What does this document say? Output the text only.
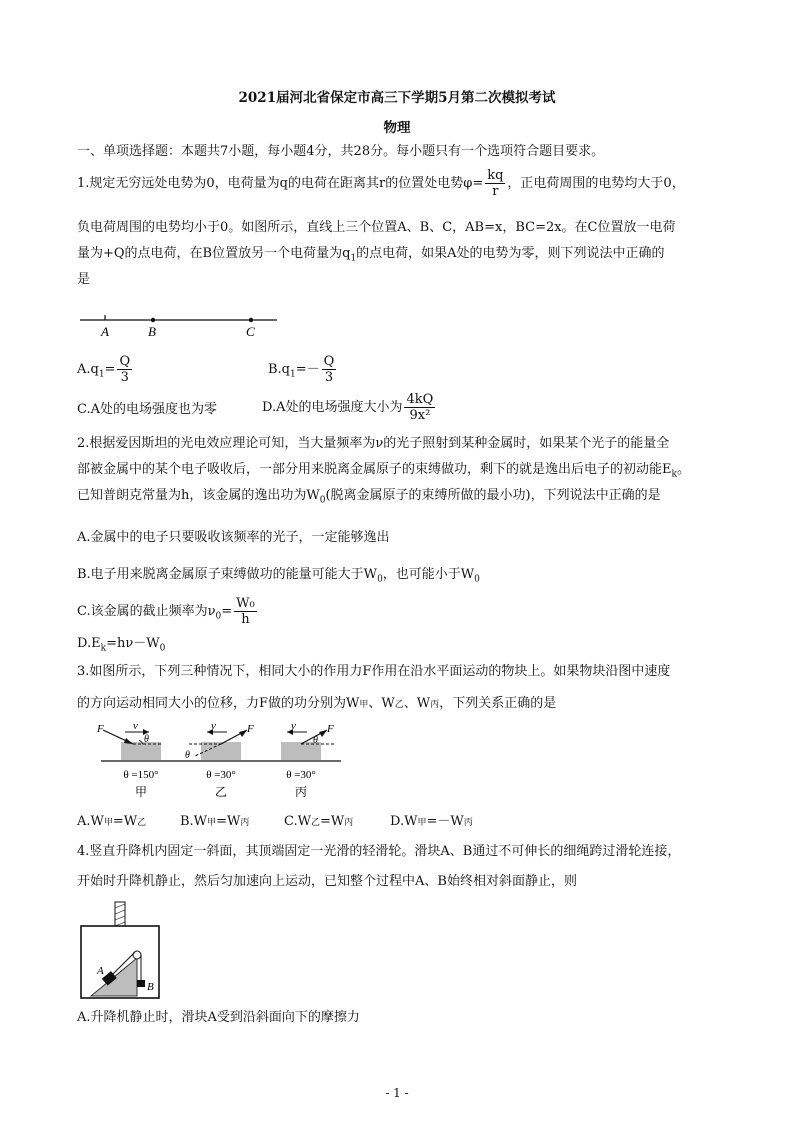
2021届河北省保定市高三下学期5月第二次模拟考试
物理
一、单项选择题：本题共7小题，每小题4分，共28分。每小题只有一个选项符合题目要求。
1.规定无穷远处电势为0，电荷量为q的电荷在距离其r的位置处电势$\varphi= \frac{kq}{r}$ ，正电荷周围的电势均大于0，
负电荷周围的电势均小于0。如图所示，直线上三个位置A、B、C，AB=x，BC=2x。在C位置放一电荷
量为+Q的点电荷，在B位置放另一个电荷量为$q_1$的点电荷，如果A处的电势为零，则下列说法中正确的
是
A	B	C
$A.q_1= \frac{Q}{3}$	$B.q_1=- \frac{Q}{3}$
C.A处的电场强度也为零	D.A处的电场强度大小为 $\frac{4kQ}{\text{9x²}}$
2.根据爱因斯坦的光电效应理论可知，当大量频率为ν的光子照射到某种金属时，如果某个光子的能量全
部被金属中的某个电子吸收后，一部分用来脱离金属原子的束缚做功，剩下的就是逸出后电子的初动能$E_k$。
已知普朗克常量为h，该金属的逸出功为$W_0$(脱离金属原子的束缚所做的最小功)，下列说法中正确的是
A.金属中的电子只要吸收该频率的光子，一定能够逸出
B.电子用来脱离金属原子束缚做功的能量可能大于$W_0$，也可能小于$W_0$
C.该金属的截止频率为$\nu_0= \frac{\text{W₀}}{h}$
$D.E_k=h\nu-W_0$
3.如图所示，下列三种情况下，相同大小的作用力F作用在沿水平面运动的物块上。如果物块沿图中速度
的方向运动相同大小的位移，力F做的功分别为W甲、W乙、W丙，下列关系正确的是
F	v
θ
θ =150°
甲
F
v
θ
θ =30°
乙
F
v
θ
θ =30°
丙
A.W甲=W乙	B.W甲=W丙	C.W乙=W丙	D.W甲=－W丙
4.竖直升降机内固定一斜面，其顶端固定一光滑的轻滑轮。滑块A、B通过不可伸长的细绳跨过滑轮连接，
开始时升降机静止，然后匀加速向上运动，已知整个过程中A、B始终相对斜面静止，则
A
B
A.升降机静止时，滑块A受到沿斜面向下的摩擦力
- 1 -
